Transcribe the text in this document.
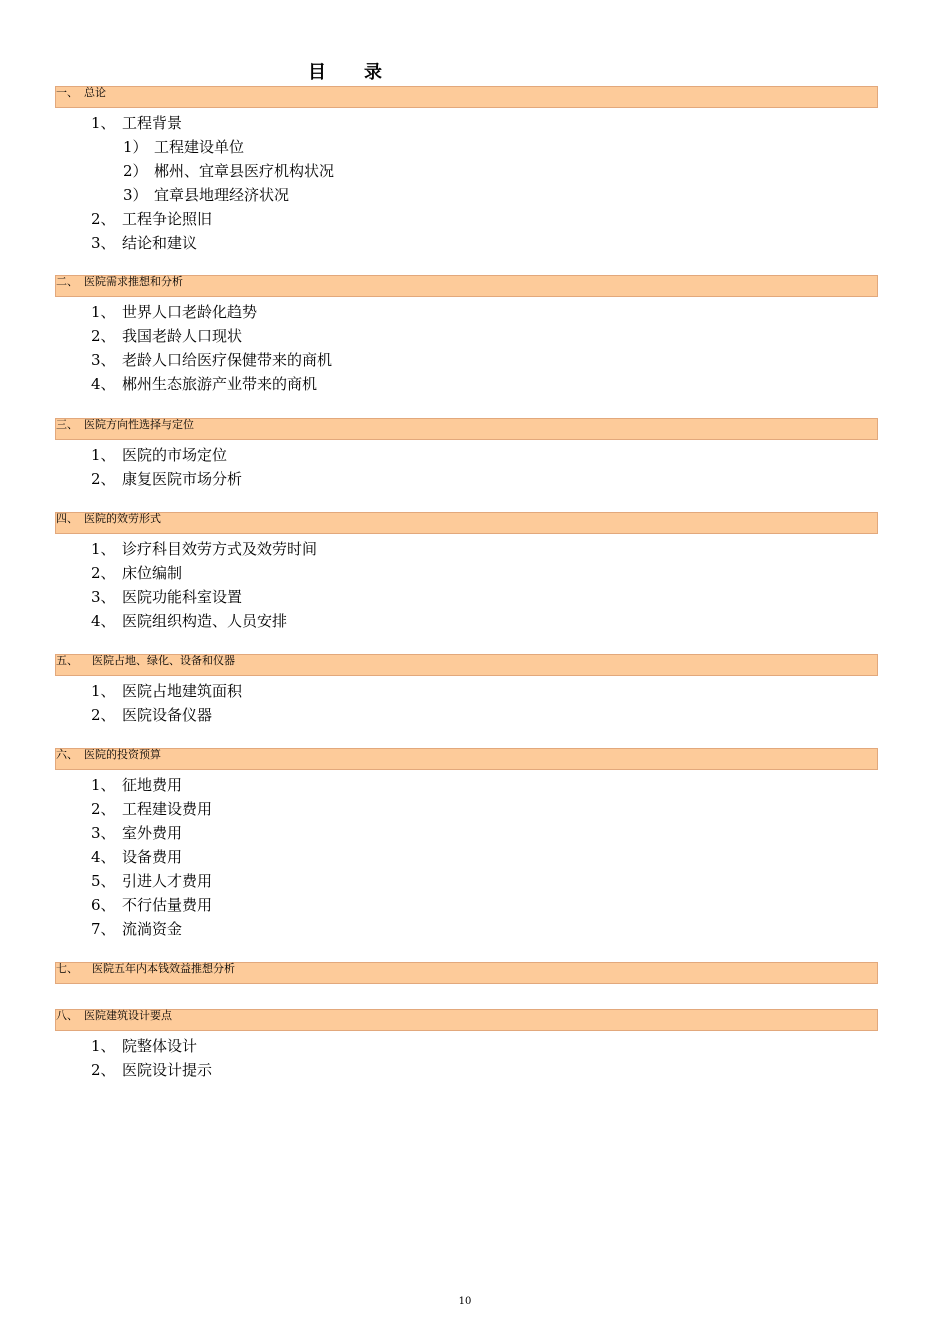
目 录
一、 总论
1、 工程背景
1） 工程建设单位
2） 郴州、宜章县医疗机构状况
3） 宜章县地理经济状况
2、 工程争论照旧
3、 结论和建议
二、 医院需求推想和分析
1、 世界人口老龄化趋势
2、 我国老龄人口现状
3、 老龄人口给医疗保健带来的商机
4、 郴州生态旅游产业带来的商机
三、 医院方向性选择与定位
1、 医院的市场定位
2、 康复医院市场分析
四、 医院的效劳形式
1、 诊疗科目效劳方式及效劳时间
2、 床位编制
3、 医院功能科室设置
4、 医院组织构造、人员安排
五、 医院占地、绿化、设备和仪器
1、 医院占地建筑面积
2、 医院设备仪器
六、 医院的投资预算
1、 征地费用
2、 工程建设费用
3、 室外费用
4、 设备费用
5、 引进人才费用
6、 不行估量费用
7、 流淌资金
七、 医院五年内本钱效益推想分析
八、 医院建筑设计要点
1、 院整体设计
2、 医院设计提示
10
